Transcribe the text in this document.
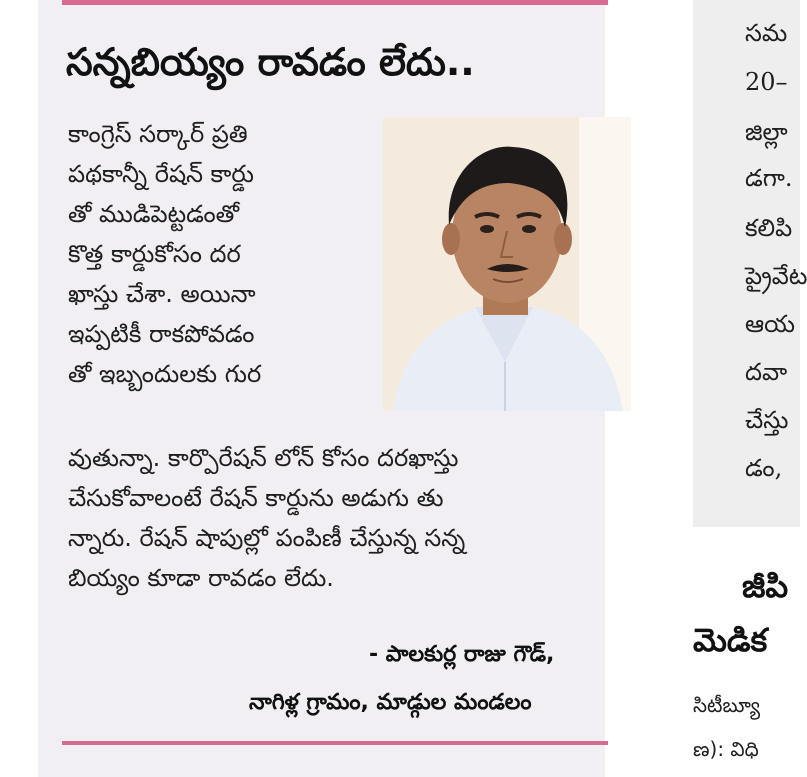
సన్నబియ్యం రావడం లేదు..
కాంగ్రెస్ సర్కార్ ప్రతి
పథకాన్నీ రేషన్ కార్డు
తో ముడిపెట్టడంతో
కొత్త కార్డుకోసం దర
ఖాస్తు చేశా. అయినా
ఇప్పటికీ రాకపోవడం
తో ఇబ్బందులకు గుర
వుతున్నా. కార్పొరేషన్ లోన్ కోసం దరఖాస్తు
చేసుకోవాలంటే రేషన్ కార్డును అడుగు తు
న్నారు. రేషన్ షాపుల్లో పంపిణీ చేస్తున్న సన్న
బియ్యం కూడా రావడం లేదు.
- పాలకుర్ల రాజు గౌడ్,
నాగిళ్ల గ్రామం, మాడ్గుల మండలం
సమ
20–
జిల్లా
డగా.
కలిపి
ప్రైవేట
ఆయ
దవా
చేస్తు
డం,
జీపి
మెడిక
సిటీబ్యూ
ణ): విధి
